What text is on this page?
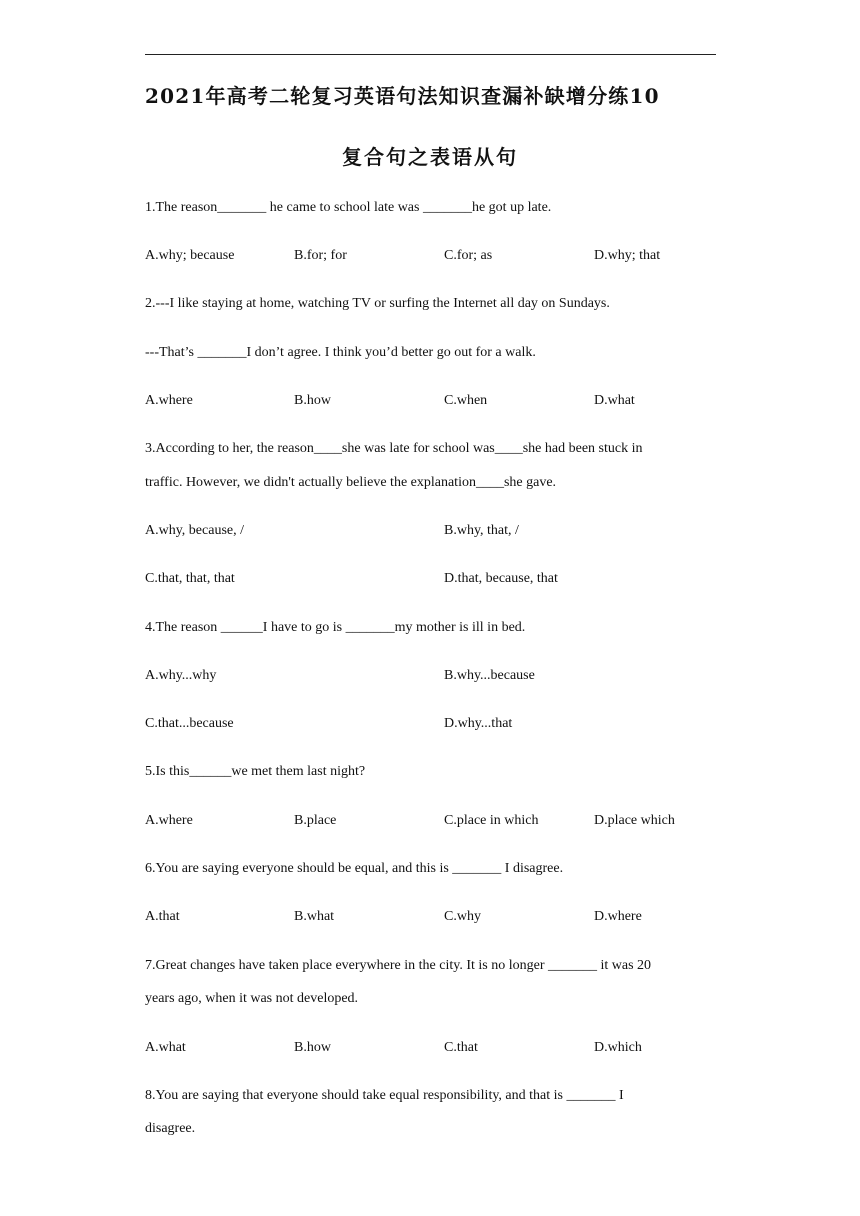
2021年高考二轮复习英语句法知识查漏补缺增分练10
复合句之表语从句
1.The reason_______ he came to school late was _______he got up late.
A.why; because	B.for; for	C.for; as	D.why; that
2.---I like staying at home, watching TV or surfing the Internet all day on Sundays.
---That’s _______I don’t agree. I think you’d better go out for a walk.
A.where	B.how	C.when	D.what
3.According to her, the reason____she was late for school was____she had been stuck in
traffic. However, we didn't actually believe the explanation____she gave.
A.why, because, /	B.why, that, /
C.that, that, that	D.that, because, that
4.The reason ______I have to go is _______my mother is ill in bed.
A.why...why	B.why...because
C.that...because	D.why...that
5.Is this______we met them last night?
A.where	B.place	C.place in which	D.place which
6.You are saying everyone should be equal, and this is _______ I disagree.
A.that	B.what	C.why	D.where
7.Great changes have taken place everywhere in the city. It is no longer _______ it was 20
years ago, when it was not developed.
A.what	B.how	C.that	D.which
8.You are saying that everyone should take equal responsibility, and that is _______ I
disagree.
